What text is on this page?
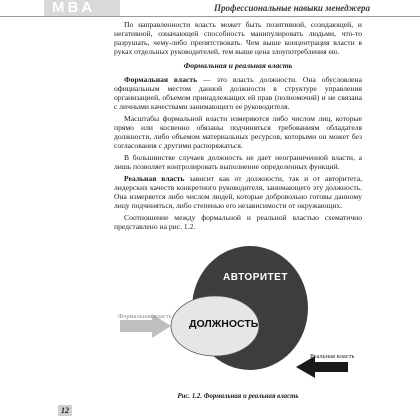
MBA	Профессиональные навыки менеджера

По направленности власть может быть позитивной, созидающей, и негативной, означающей способность манипулировать людьми, что-то разрушать, чему-либо препятствовать. Чем выше концентрация власти в руках отдельных руководителей, тем выше цена злоупотребления ею.

Формальная и реальная власть

Формальная власть — это власть должности. Она обусловлена официальным местом данной должности в структуре управления организацией, объемом принадлежащих ей прав (полномочий) и не связана с личными качествами занимающего ее руководителя.

Масштабы формальной власти измеряются либо числом лиц, которые прямо или косвенно обязаны подчиняться требованиям обладателя должности, либо объемом материальных ресурсов, которыми он может без согласования с другими распоряжаться.

В большинстве случаев должность не дает неограниченной власти, а лишь позволяет контролировать выполнение определенных функций.

Реальная власть зависит как от должности, так и от авторитета, лидерских качеств конкретного руководителя, занимающего эту должность. Она измеряется либо числом людей, которые добровольно готовы данному лицу подчиняться, либо степенью его независимости от окружающих.

Соотношение между формальной и реальной властью схематично представлено на рис. 1.2.

АВТОРИТЕТ
ДОЛЖНОСТЬ
Формальная власть
Реальная власть
Рис. 1.2. Формальная и реальная власть
12
